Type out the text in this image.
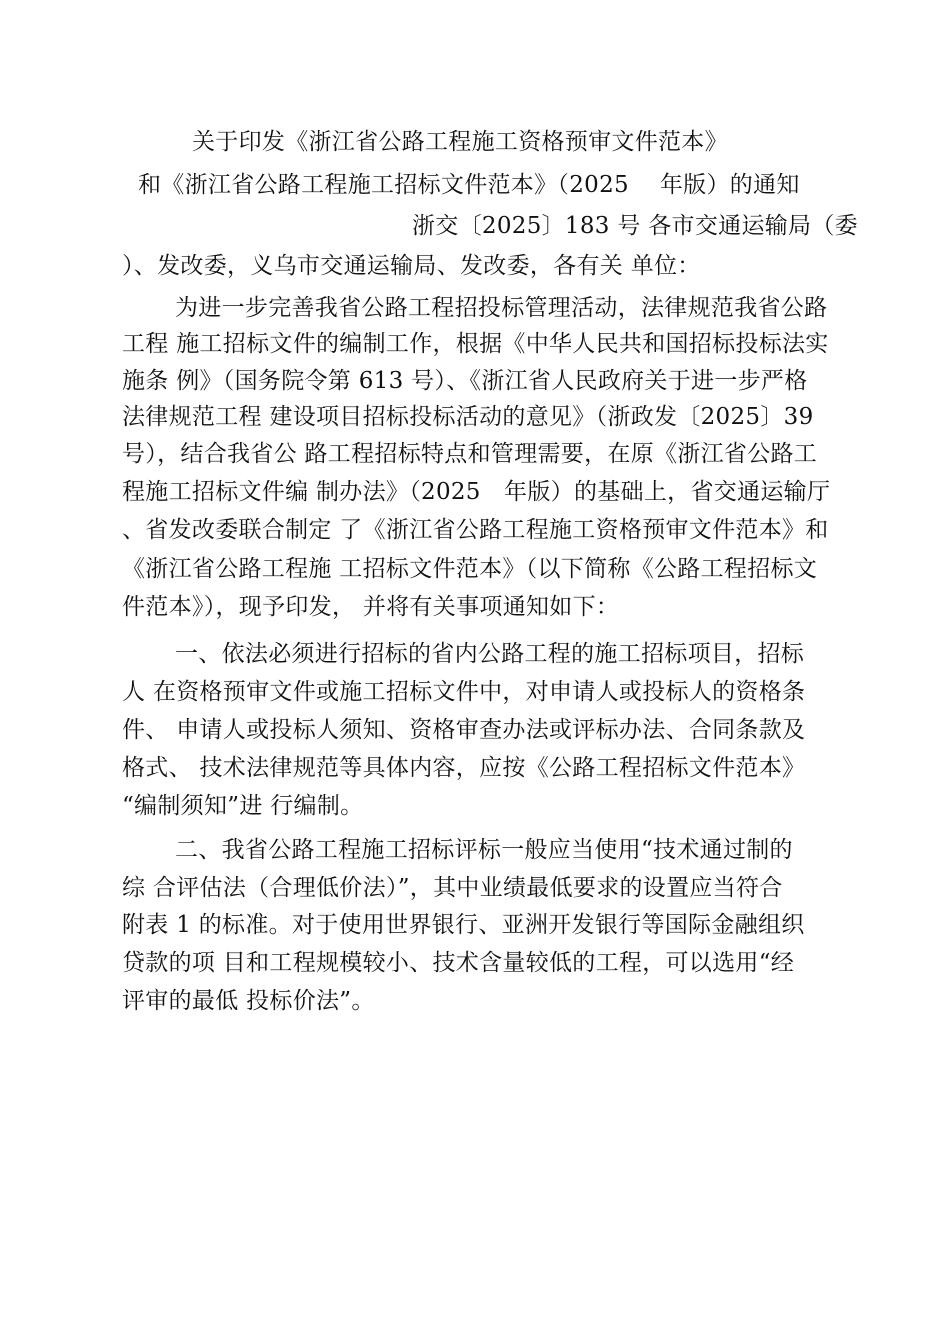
关于印发《浙江省公路工程施工资格预审文件范本》
和《浙江省公路工程施工招标文件范本》（2025　 年版）的通知
浙交〔2025〕183 号 各市交通运输局（委
）、发改委，义乌市交通运输局、发改委，各有关 单位：
为进一步完善我省公路工程招投标管理活动，法律规范我省公路
工程 施工招标文件的编制工作，根据《中华人民共和国招标投标法实
施条 例》（国务院令第 613 号）、《浙江省人民政府关于进一步严格
法律规范工程 建设项目招标投标活动的意见》（浙政发〔2025〕39
号），结合我省公 路工程招标特点和管理需要，在原《浙江省公路工
程施工招标文件编 制办法》（2025　年版）的基础上，省交通运输厅
、省发改委联合制定 了《浙江省公路工程施工资格预审文件范本》和
《浙江省公路工程施 工招标文件范本》（以下简称《公路工程招标文
件范本》），现予印发， 并将有关事项通知如下：
一、依法必须进行招标的省内公路工程的施工招标项目，招标
人 在资格预审文件或施工招标文件中，对申请人或投标人的资格条
件、 申请人或投标人须知、资格审查办法或评标办法、合同条款及
格式、 技术法律规范等具体内容，应按《公路工程招标文件范本》
“编制须知”进 行编制。
二、我省公路工程施工招标评标一般应当使用“技术通过制的
综 合评估法（合理低价法）”，其中业绩最低要求的设置应当符合
附表 1 的标准。对于使用世界银行、亚洲开发银行等国际金融组织
贷款的项 目和工程规模较小、技术含量较低的工程，可以选用“经
评审的最低 投标价法”。
